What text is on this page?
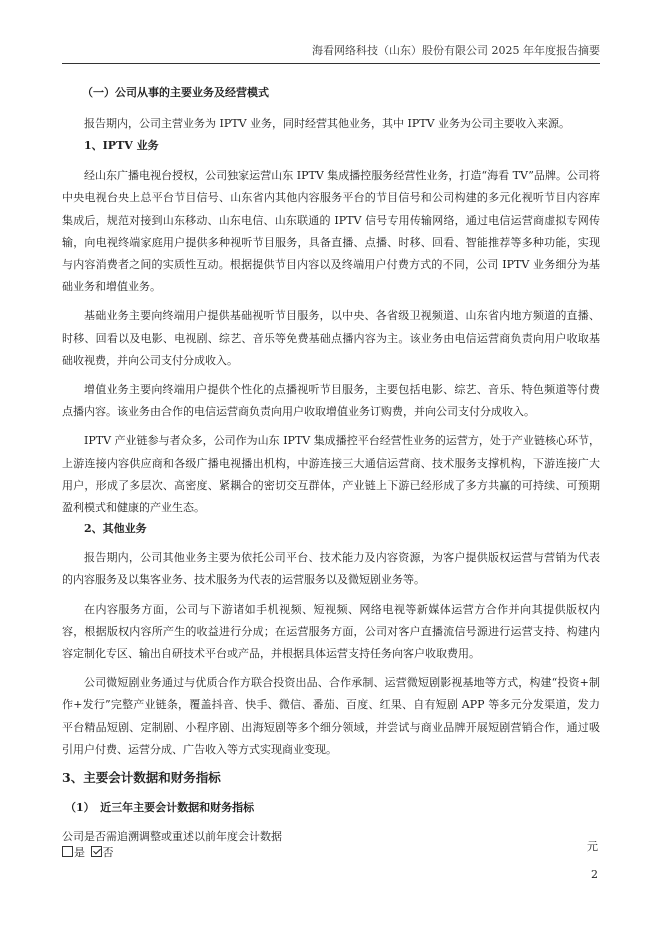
海看网络科技（山东）股份有限公司 2025 年年度报告摘要
（一）公司从事的主要业务及经营模式

报告期内，公司主营业务为 IPTV 业务，同时经营其他业务，其中 IPTV 业务为公司主要收入来源。

1、IPTV 业务

经山东广播电视台授权，公司独家运营山东 IPTV 集成播控服务经营性业务，打造“海看 TV”品牌。公司将中央电视台央上总平台节目信号、山东省内其他内容服务平台的节目信号和公司构建的多元化视听节目内容库集成后，规范对接到山东移动、山东电信、山东联通的 IPTV 信号专用传输网络，通过电信运营商虚拟专网传输，向电视终端家庭用户提供多种视听节目服务，具备直播、点播、时移、回看、智能推荐等多种功能，实现与内容消费者之间的实质性互动。根据提供节目内容以及终端用户付费方式的不同，公司 IPTV 业务细分为基础业务和增值业务。

基础业务主要向终端用户提供基础视听节目服务，以中央、各省级卫视频道、山东省内地方频道的直播、时移、回看以及电影、电视剧、综艺、音乐等免费基础点播内容为主。该业务由电信运营商负责向用户收取基础收视费，并向公司支付分成收入。

增值业务主要向终端用户提供个性化的点播视听节目服务，主要包括电影、综艺、音乐、特色频道等付费点播内容。该业务由合作的电信运营商负责向用户收取增值业务订购费，并向公司支付分成收入。

IPTV 产业链参与者众多，公司作为山东 IPTV 集成播控平台经营性业务的运营方，处于产业链核心环节，上游连接内容供应商和各级广播电视播出机构，中游连接三大通信运营商、技术服务支撑机构，下游连接广大用户，形成了多层次、高密度、紧耦合的密切交互群体，产业链上下游已经形成了多方共赢的可持续、可预期盈利模式和健康的产业生态。

2、其他业务

报告期内，公司其他业务主要为依托公司平台、技术能力及内容资源，为客户提供版权运营与营销为代表的内容服务及以集客业务、技术服务为代表的运营服务以及微短剧业务等。

在内容服务方面，公司与下游诸如手机视频、短视频、网络电视等新媒体运营方合作并向其提供版权内容，根据版权内容所产生的收益进行分成；在运营服务方面，公司对客户直播流信号源进行运营支持、构建内容定制化专区、输出自研技术平台或产品，并根据具体运营支持任务向客户收取费用。

公司微短剧业务通过与优质合作方联合投资出品、合作承制、运营微短剧影视基地等方式，构建“投资+制作+发行”完整产业链条，覆盖抖音、快手、微信、番茄、百度、红果、自有短剧 APP 等多元分发渠道，发力平台精品短剧、定制剧、小程序剧、出海短剧等多个细分领域，并尝试与商业品牌开展短剧营销合作，通过吸引用户付费、运营分成、广告收入等方式实现商业变现。

3、主要会计数据和财务指标
（1）　近三年主要会计数据和财务指标
公司是否需追溯调整或重述以前年度会计数据
是 否	元
2
